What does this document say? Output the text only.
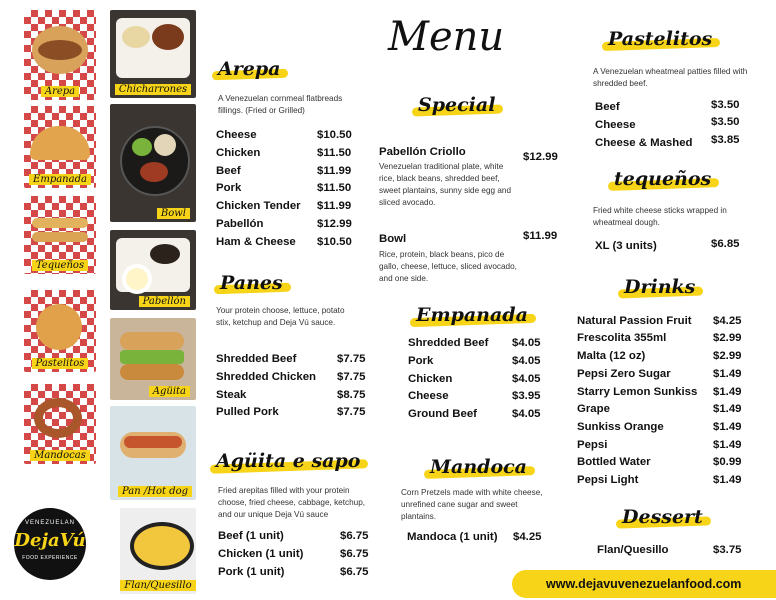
Arepa	Chicharrones
Empanada
Bowl
Tequeños
Pabellón
Pastelitos
Agüita
Mandocas
Pan /Hot dog
Flan/Quesillo
VENEZUELAN
DejaVú
FOOD EXPERIENCE
Menu
Arepa
A Venezuelan cornmeal flatbreads fillings. (Fried or Grilled)
Cheese	$10.50
Chicken	$11.50
Beef	$11.99
Pork	$11.50
Chicken Tender $11.99
Pabellón	$12.99
Ham & Cheese $10.50
Panes
Your protein choose, lettuce, potato stix, ketchup and Deja Vú sauce.
Shredded Beef	$7.75
Shredded Chicken $7.75
Steak	$8.75
Pulled Pork	$7.75
Agüita e sapo
Fried arepitas filled with your protein choose, fried cheese, cabbage, ketchup, and our unique Deja Vú sauce
Beef (1 unit)	$6.75
Chicken (1 unit)	$6.75
Pork (1 unit)	$6.75
Special
Pabellón Criollo	$12.99
Venezuelan traditional plate, white rice, black beans, shredded beef, sweet plantains, sunny side egg and sliced avocado.
Bowl	$11.99
Rice, protein, black beans, pico de gallo, cheese, lettuce, sliced avocado, and one side.
Empanada
Shredded Beef $4.05
Pork	$4.05
Chicken	$4.05
Cheese	$3.95
Ground Beef	$4.05
Mandoca
Corn Pretzels made with white cheese, unrefined cane sugar and sweet plantains.
Mandoca (1 unit) $4.25
Pastelitos
A Venezuelan wheatmeal patties filled with shredded beef.
Beef	$3.50
Cheese	$3.50
Cheese & Mashed $3.85
tequeños
Fried white cheese sticks wrapped in wheatmeal dough.
XL (3 units)	$6.85
Drinks
Natural Passion Fruit $4.25
Frescolita 355ml	$2.99
Malta (12 oz)	$2.99
Pepsi Zero Sugar	$1.49
Starry Lemon Sunkiss $1.49
Grape	$1.49
Sunkiss Orange	$1.49
Pepsi	$1.49
Bottled Water	$0.99
Pepsi Light	$1.49
Dessert
Flan/Quesillo	$3.75
www.dejavuvenezuelanfood.com
